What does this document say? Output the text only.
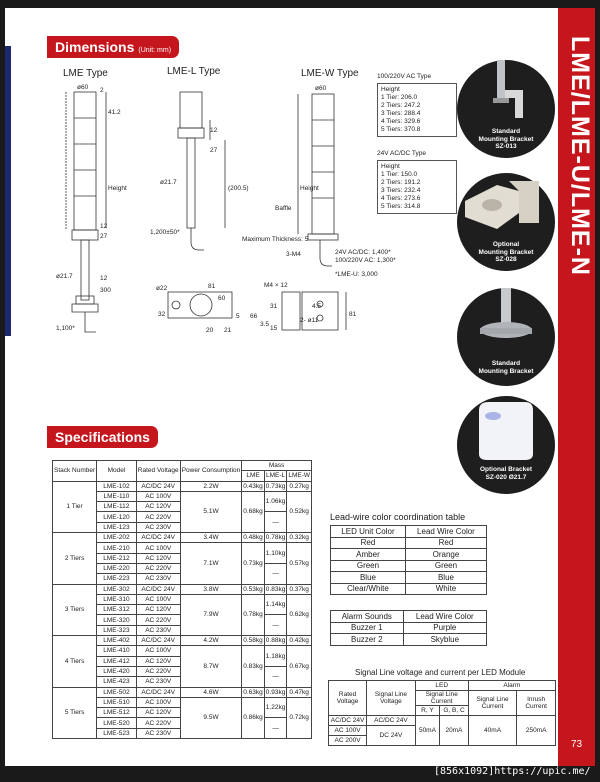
LME/LME-U/LME-N
73
Dimensions (Unit: mm)
LME Type	LME-L Type	LME-W Type
ø60 2
41.2
Height
12
27
ø21.7	12
300
1,100*
12
27
(200.5)
ø21.7
1,200±50*
ø22	81
60
32	5
20 21
ø60
Height
Baffle
Maximum Thickness: 5
3-M4	24V AC/DC: 1,400*
100/220V AC: 1,300*
*LME-U: 3,000
M4 × 12
66
31
3.5
15
4.5
2- ø11
81
100/220V AC Type
Height
1 Tier: 206.0
2 Tiers: 247.2
3 Tiers: 288.4
4 Tiers: 329.6
5 Tiers: 370.8
24V AC/DC Type
Height
1 Tier: 150.0
2 Tiers: 191.2
3 Tiers: 232.4
4 Tiers: 273.6
5 Tiers: 314.8
Standard
Mounting Bracket
SZ-013
Optional
Mounting Bracket
SZ-028
Standard
Mounting Bracket
Optional Bracket
SZ-020 Ø21.7
Specifications
Stack Number	Model	Rated Voltage	Power Consumption	Mass		
				LME	LME-L	LME-W
1 Tier	LME-102	AC/DC 24V	2.2W	0.43kg	0.73kg	0.27kg
	LME-110	AC 100V	5.1W	0.68kg	1.06kg	0.52kg
	LME-112	AC 120V				
	LME-120	AC 220V			—	
	LME-123	AC 230V				
2 Tiers	LME-202	AC/DC 24V	3.4W	0.48kg	0.78kg	0.32kg
	LME-210	AC 100V	7.1W	0.73kg	1.10kg	0.57kg
	LME-212	AC 120V				
	LME-220	AC 220V			—	
	LME-223	AC 230V				
3 Tiers	LME-302	AC/DC 24V	3.8W	0.53kg	0.83kg	0.37kg
	LME-310	AC 100V	7.9W	0.78kg	1.14kg	0.62kg
	LME-312	AC 120V				
	LME-320	AC 220V			—	
	LME-323	AC 230V				
4 Tiers	LME-402	AC/DC 24V	4.2W	0.58kg	0.88kg	0.42kg
	LME-410	AC 100V	8.7W	0.83kg	1.18kg	0.67kg
	LME-412	AC 120V				
	LME-420	AC 220V			—	
	LME-423	AC 230V				
5 Tiers	LME-502	AC/DC 24V	4.6W	0.63kg	0.93kg	0.47kg
	LME-510	AC 100V	9.5W	0.86kg	1.22kg	0.72kg
	LME-512	AC 120V				
	LME-520	AC 220V			—	
	LME-523	AC 230V				
Lead-wire color coordination table
LED Unit Color	Lead Wire Color
Red	Red
Amber	Orange
Green	Green
Blue	Blue
Clear/White	White
Alarm Sounds	Lead Wire Color
Buzzer 1	Purple
Buzzer 2	Skyblue
Signal Line voltage and current per LED Module
Rated Voltage	Signal Line Voltage	LED		Alarm	
		Signal Line Current		Signal Line Current	Inrush Current
		R, Y	G, B, C		
AC/DC 24V	AC/DC 24V	50mA	20mA	40mA	250mA
AC 100V	DC 24V				
AC 200V					
[856x1092]https://upic.me/
